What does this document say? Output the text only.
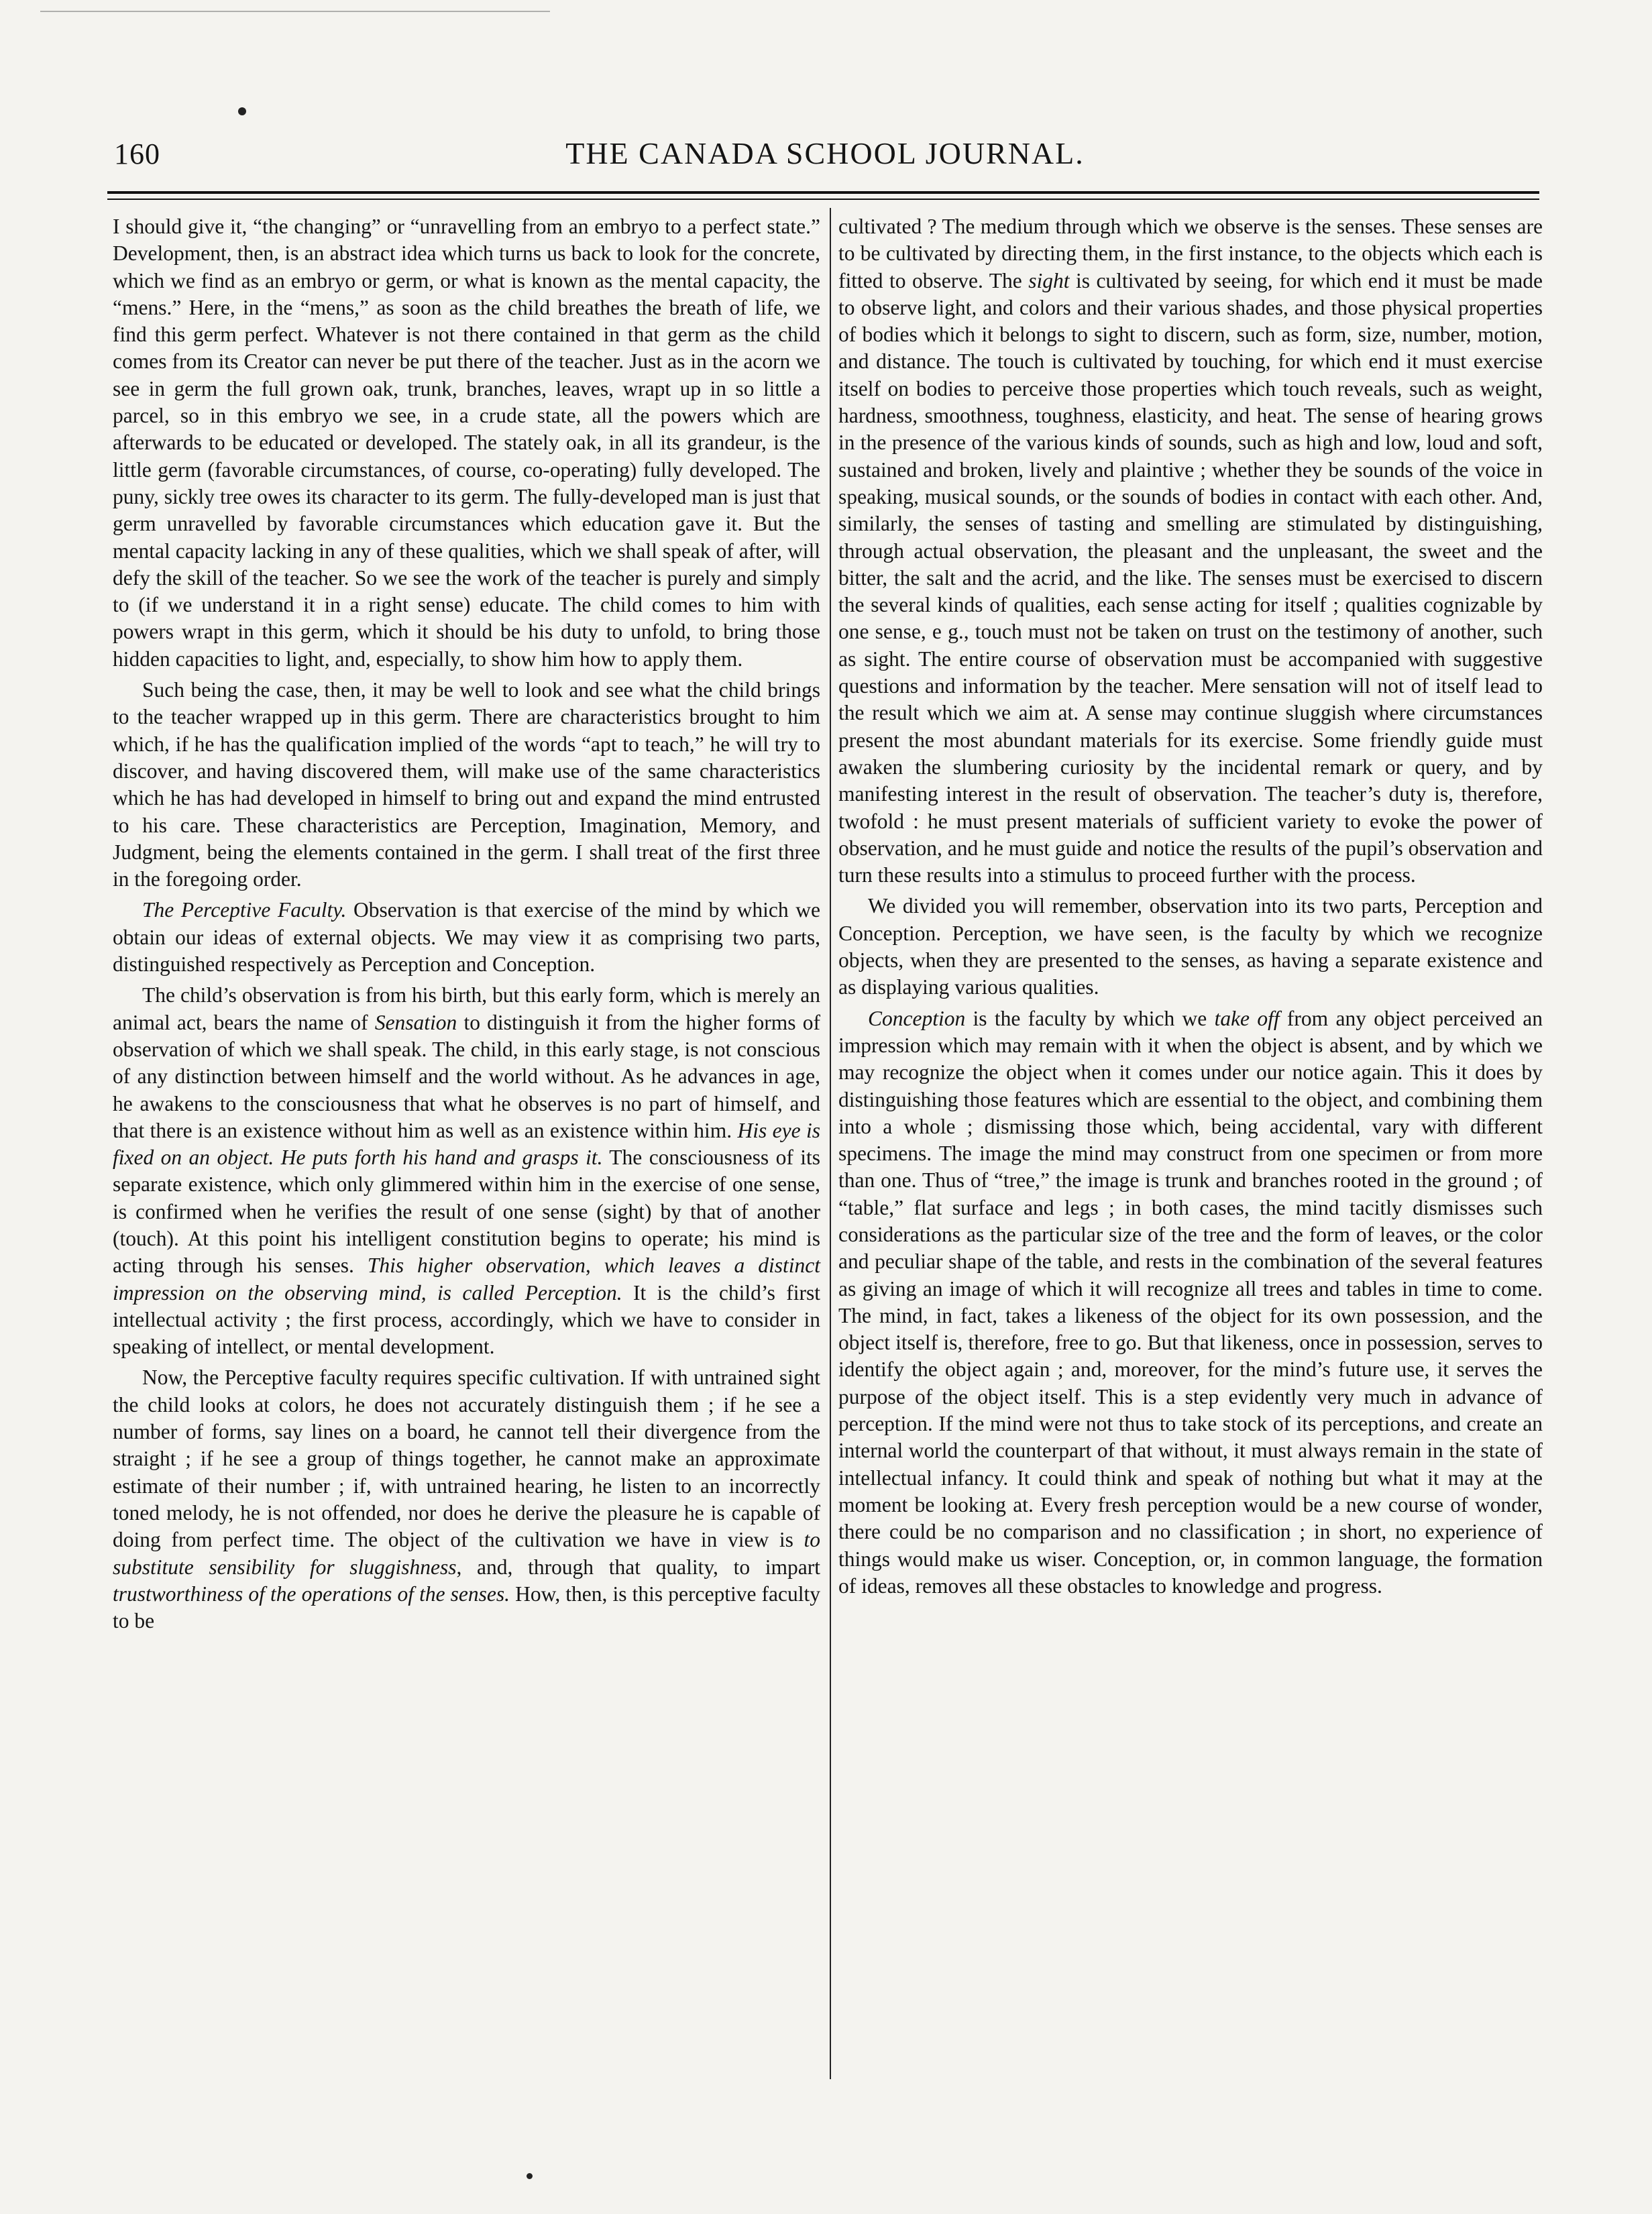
160	THE CANADA SCHOOL JOURNAL.

I should give it, “the changing” or “unravelling from an embryo to a perfect state.” Development, then, is an abstract idea which turns us back to look for the concrete, which we find as an embryo or germ, or what is known as the mental capacity, the “mens.” Here, in the “mens,” as soon as the child breathes the breath of life, we find this germ perfect. Whatever is not there contained in that germ as the child comes from its Creator can never be put there of the teacher. Just as in the acorn we see in germ the full grown oak, trunk, branches, leaves, wrapt up in so little a parcel, so in this embryo we see, in a crude state, all the powers which are afterwards to be educated or developed. The stately oak, in all its grandeur, is the little germ (favorable circumstances, of course, co-operating) fully developed. The puny, sickly tree owes its character to its germ. The fully-developed man is just that germ unravelled by favorable circumstances which education gave it. But the mental capacity lacking in any of these qualities, which we shall speak of after, will defy the skill of the teacher. So we see the work of the teacher is purely and simply to (if we understand it in a right sense) educate. The child comes to him with powers wrapt in this germ, which it should be his duty to unfold, to bring those hidden capacities to light, and, especially, to show him how to apply them.

Such being the case, then, it may be well to look and see what the child brings to the teacher wrapped up in this germ. There are characteristics brought to him which, if he has the qualification implied of the words “apt to teach,” he will try to discover, and having discovered them, will make use of the same characteristics which he has had developed in himself to bring out and expand the mind entrusted to his care. These characteristics are Perception, Imagination, Memory, and Judgment, being the elements contained in the germ. I shall treat of the first three in the foregoing order.

The Perceptive Faculty. Observation is that exercise of the mind by which we obtain our ideas of external objects. We may view it as comprising two parts, distinguished respectively as Perception and Conception.

The child’s observation is from his birth, but this early form, which is merely an animal act, bears the name of Sensation to distinguish it from the higher forms of observation of which we shall speak. The child, in this early stage, is not conscious of any distinction between himself and the world without. As he advances in age, he awakens to the consciousness that what he observes is no part of himself, and that there is an existence without him as well as an existence within him. His eye is fixed on an object. He puts forth his hand and grasps it. The consciousness of its separate existence, which only glimmered within him in the exercise of one sense, is confirmed when he verifies the result of one sense (sight) by that of another (touch). At this point his intelligent constitution begins to operate; his mind is acting through his senses. This higher observation, which leaves a distinct impression on the observing mind, is called Perception. It is the child’s first intellectual activity ; the first process, accordingly, which we have to consider in speaking of intellect, or mental development.

Now, the Perceptive faculty requires specific cultivation. If with untrained sight the child looks at colors, he does not accurately distinguish them ; if he see a number of forms, say lines on a board, he cannot tell their divergence from the straight ; if he see a group of things together, he cannot make an approximate estimate of their number ; if, with untrained hearing, he listen to an incorrectly toned melody, he is not offended, nor does he derive the pleasure he is capable of doing from perfect time. The object of the cultivation we have in view is to substitute sensibility for sluggishness, and, through that quality, to impart trustworthiness of the operations of the senses. How, then, is this perceptive faculty to be

cultivated ? The medium through which we observe is the senses. These senses are to be cultivated by directing them, in the first instance, to the objects which each is fitted to observe. The sight is cultivated by seeing, for which end it must be made to observe light, and colors and their various shades, and those physical properties of bodies which it belongs to sight to discern, such as form, size, number, motion, and distance. The touch is cultivated by touching, for which end it must exercise itself on bodies to perceive those properties which touch reveals, such as weight, hardness, smoothness, toughness, elasticity, and heat. The sense of hearing grows in the presence of the various kinds of sounds, such as high and low, loud and soft, sustained and broken, lively and plaintive ; whether they be sounds of the voice in speaking, musical sounds, or the sounds of bodies in contact with each other. And, similarly, the senses of tasting and smelling are stimulated by distinguishing, through actual observation, the pleasant and the unpleasant, the sweet and the bitter, the salt and the acrid, and the like. The senses must be exercised to discern the several kinds of qualities, each sense acting for itself ; qualities cognizable by one sense, e g., touch must not be taken on trust on the testimony of another, such as sight. The entire course of observation must be accompanied with suggestive questions and information by the teacher. Mere sensation will not of itself lead to the result which we aim at. A sense may continue sluggish where circumstances present the most abundant materials for its exercise. Some friendly guide must awaken the slumbering curiosity by the incidental remark or query, and by manifesting interest in the result of observation. The teacher’s duty is, therefore, twofold : he must present materials of sufficient variety to evoke the power of observation, and he must guide and notice the results of the pupil’s observation and turn these results into a stimulus to proceed further with the process.

We divided you will remember, observation into its two parts, Perception and Conception. Perception, we have seen, is the faculty by which we recognize objects, when they are presented to the senses, as having a separate existence and as displaying various qualities.

Conception is the faculty by which we take off from any object perceived an impression which may remain with it when the object is absent, and by which we may recognize the object when it comes under our notice again. This it does by distinguishing those features which are essential to the object, and combining them into a whole ; dismissing those which, being accidental, vary with different specimens. The image the mind may construct from one specimen or from more than one. Thus of “tree,” the image is trunk and branches rooted in the ground ; of “table,” flat surface and legs ; in both cases, the mind tacitly dismisses such considerations as the particular size of the tree and the form of leaves, or the color and peculiar shape of the table, and rests in the combination of the several features as giving an image of which it will recognize all trees and tables in time to come. The mind, in fact, takes a likeness of the object for its own possession, and the object itself is, therefore, free to go. But that likeness, once in possession, serves to identify the object again ; and, moreover, for the mind’s future use, it serves the purpose of the object itself. This is a step evidently very much in advance of perception. If the mind were not thus to take stock of its perceptions, and create an internal world the counterpart of that without, it must always remain in the state of intellectual infancy. It could think and speak of nothing but what it may at the moment be looking at. Every fresh perception would be a new course of wonder, there could be no comparison and no classification ; in short, no experience of things would make us wiser. Conception, or, in common language, the formation of ideas, removes all these obstacles to knowledge and progress.
